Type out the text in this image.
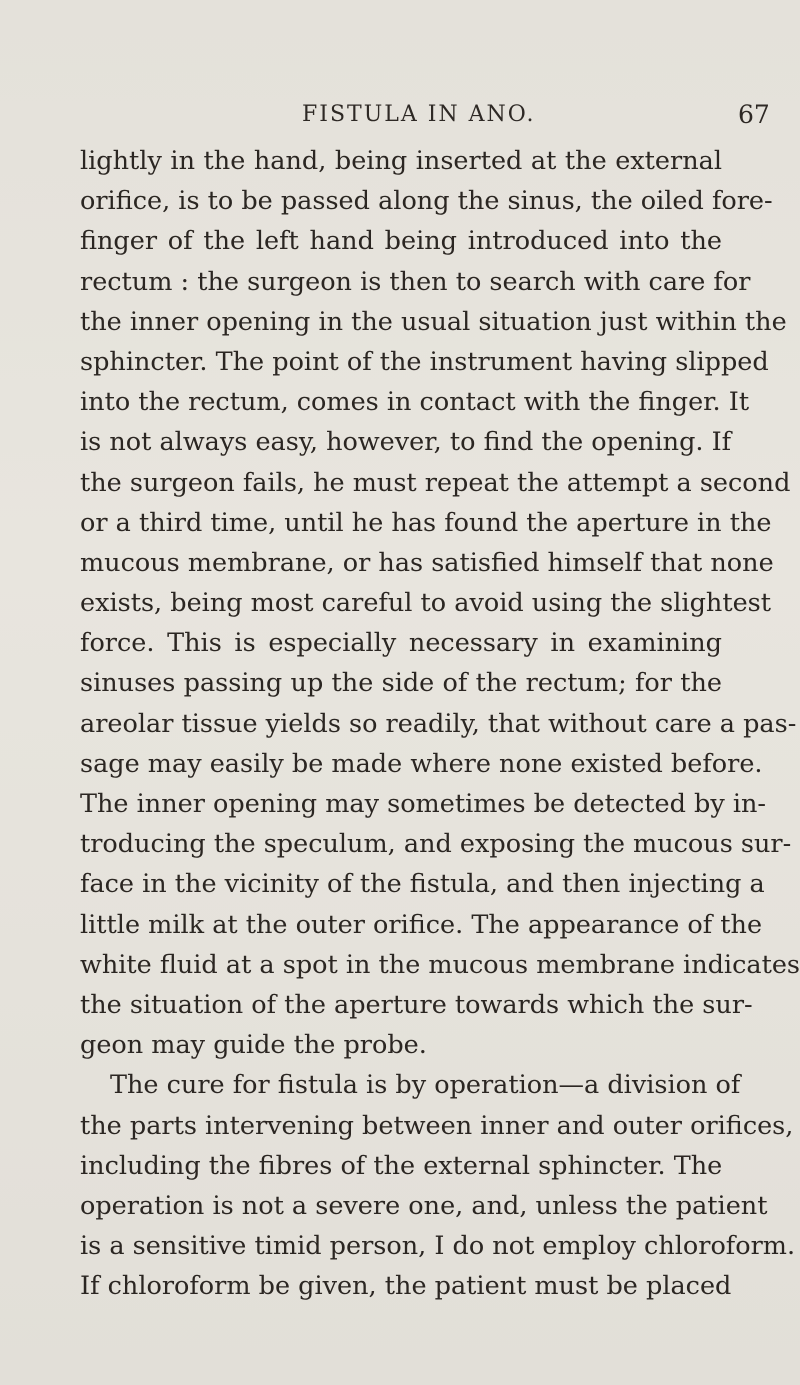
FISTULA IN ANO.	67
lightly in the hand, being inserted at the external
orifice, is to be passed along the sinus, the oiled fore-
finger of the left hand being introduced into the
rectum : the surgeon is then to search with care for
the inner opening in the usual situation just within the
sphincter. The point of the instrument having slipped
into the rectum, comes in contact with the finger. It
is not always easy, however, to find the opening. If
the surgeon fails, he must repeat the attempt a second
or a third time, until he has found the aperture in the
mucous membrane, or has satisfied himself that none
exists, being most careful to avoid using the slightest
force. This is especially necessary in examining
sinuses passing up the side of the rectum; for the
areolar tissue yields so readily, that without care a pas-
sage may easily be made where none existed before.
The inner opening may sometimes be detected by in-
troducing the speculum, and exposing the mucous sur-
face in the vicinity of the fistula, and then injecting a
little milk at the outer orifice. The appearance of the
white fluid at a spot in the mucous membrane indicates
the situation of the aperture towards which the sur-
geon may guide the probe.
The cure for fistula is by operation—a division of
the parts intervening between inner and outer orifices,
including the fibres of the external sphincter. The
operation is not a severe one, and, unless the patient
is a sensitive timid person, I do not employ chloroform.
If chloroform be given, the patient must be placed
